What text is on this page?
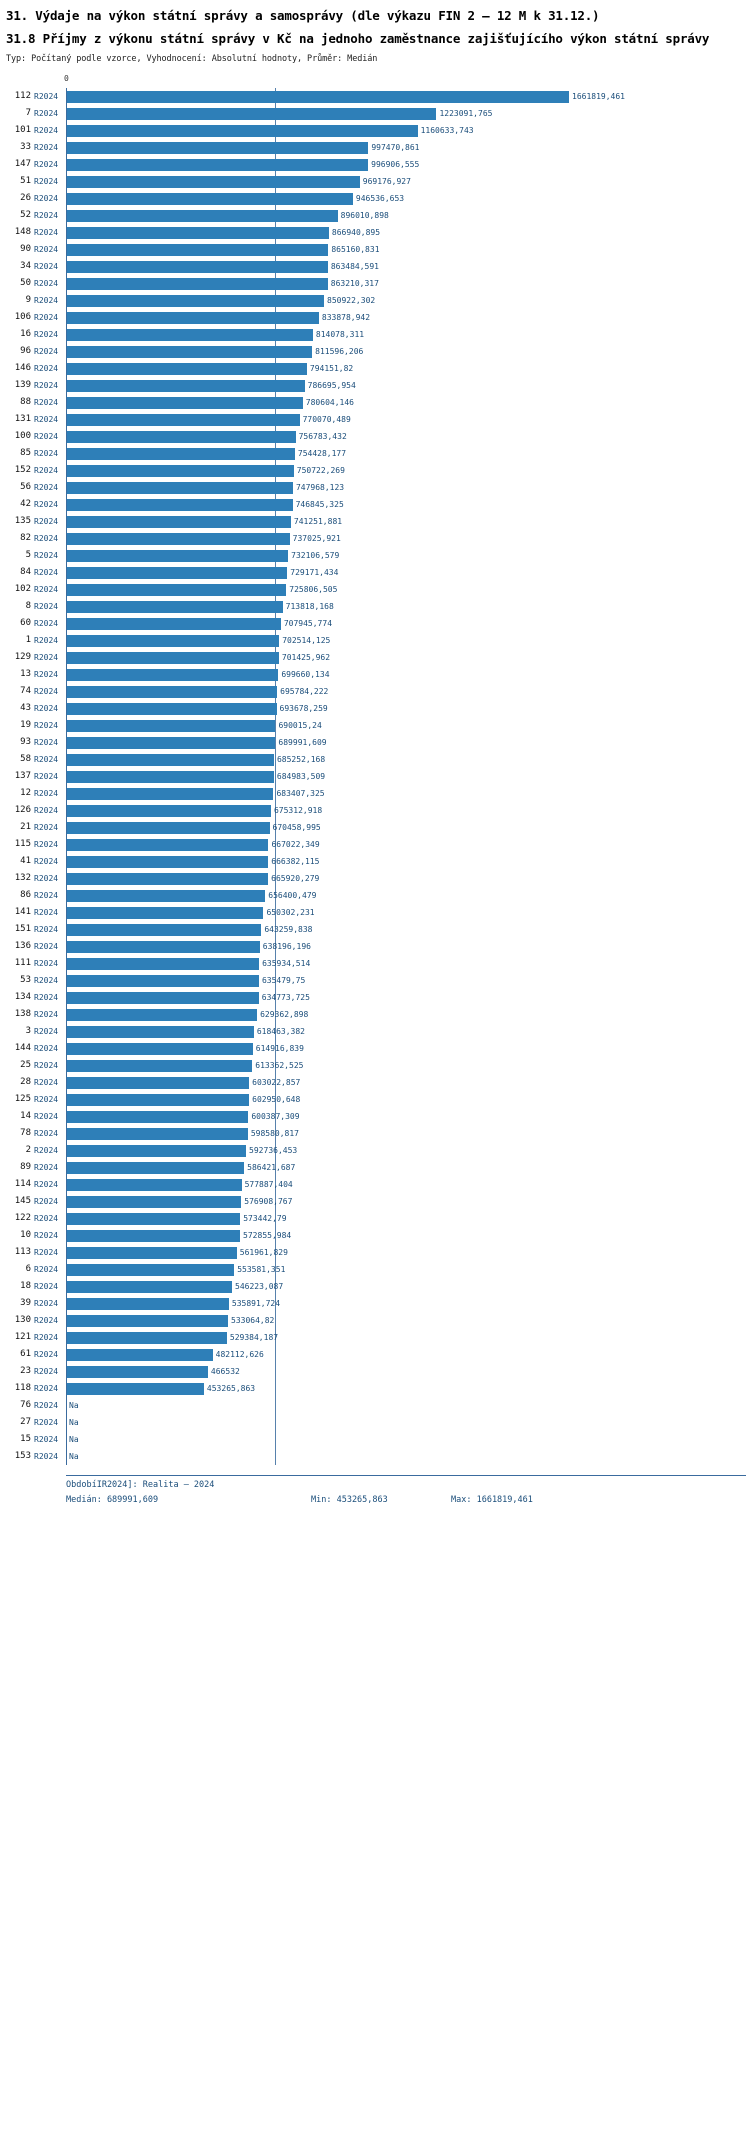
31. Výdaje na výkon státní správy a samosprávy (dle výkazu FIN 2 – 12 M k 31.12.)
31.8 Příjmy z výkonu státní správy v Kč na jednoho zaměstnance zajišťujícího výkon státní správy
Typ: Počítaný podle vzorce, Vyhodnocení: Absolutní hodnoty, Průměr: Medián
0
112 R2024	1661819,461
7 R2024	1223091,765
101 R2024	1160633,743
33 R2024	997470,861
147 R2024	996906,555
51 R2024	969176,927
26 R2024	946536,653
52 R2024	896010,898
148 R2024	866940,895
90 R2024	865160,831
34 R2024	863484,591
50 R2024	863210,317
9 R2024	850922,302
106 R2024	833878,942
16 R2024	814078,311
96 R2024	811596,206
146 R2024	794151,82
139 R2024	786695,954
88 R2024	780604,146
131 R2024	770070,489
100 R2024	756783,432
85 R2024	754428,177
152 R2024	750722,269
56 R2024	747968,123
42 R2024	746845,325
135 R2024	741251,881
82 R2024	737025,921
5 R2024	732106,579
84 R2024	729171,434
102 R2024	725806,505
8 R2024	713818,168
60 R2024	707945,774
1 R2024	702514,125
129 R2024	701425,962
13 R2024	699660,134
74 R2024	695784,222
43 R2024	693678,259
19 R2024	690015,24
93 R2024	689991,609
58 R2024	685252,168
137 R2024	684983,509
12 R2024	683407,325
126 R2024	675312,918
21 R2024	670458,995
115 R2024	667022,349
41 R2024	666382,115
132 R2024	665920,279
86 R2024	656400,479
141 R2024	650302,231
151 R2024	643259,838
136 R2024	638196,196
111 R2024	635934,514
53 R2024	635479,75
134 R2024	634773,725
138 R2024	629362,898
3 R2024	618463,382
144 R2024	614916,839
25 R2024	613362,525
28 R2024	603022,857
125 R2024	602950,648
14 R2024	600387,309
78 R2024	598580,817
2 R2024	592736,453
89 R2024	586421,687
114 R2024	577887,404
145 R2024	576908,767
122 R2024	573442,79
10 R2024	572855,984
113 R2024	561961,829
6 R2024	553581,351
18 R2024	546223,087
39 R2024	535891,724
130 R2024	533064,82
121 R2024	529384,187
61 R2024	482112,626
23 R2024	466532
118 R2024	453265,863
76 R2024	Na
27 R2024	Na
15 R2024	Na
153 R2024	Na
ObdobíIR2024]: Realita – 2024
Medián: 689991,609	Min: 453265,863	Max: 1661819,461
